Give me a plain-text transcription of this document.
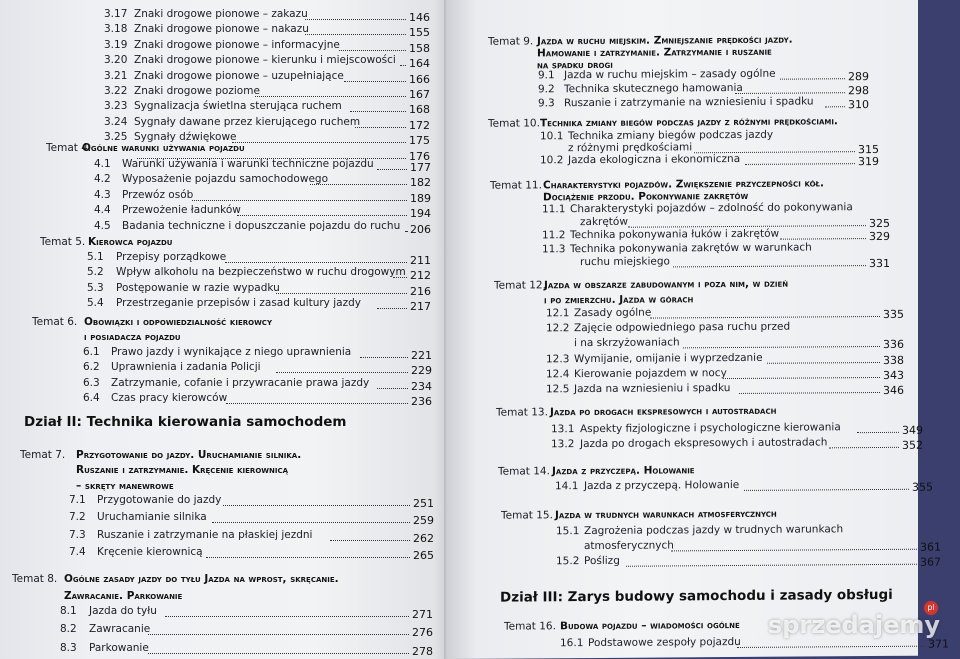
3.17 Znaki drogowe pionowe – zakazu	146
3.18 Znaki drogowe pionowe – nakazu	155
3.19 Znaki drogowe pionowe – informacyjne	158
3.20 Znaki drogowe pionowe – kierunku i miejscowości 164
3.21 Znaki drogowe pionowe – uzupełniające	166
3.22 Znaki drogowe poziome	167
3.23 Sygnalizacja świetlna sterująca ruchem	168
3.24 Sygnały dawane przez kierującego ruchem	172
3.25 Sygnały dźwiękowe	175
176
Temat 4.
Ogólne warunki używania pojazdu
4.1 Warunki używania i warunki techniczne pojazdu	177
4.2 Wyposażenie pojazdu samochodowego	182
4.3 Przewóz osób	189
4.4 Przewożenie ładunków	194
4.5 Badania techniczne i dopuszczanie pojazdu do ruchu 206
Temat 5. Kierowca pojazdu
5.1 Przepisy porządkowe	211
5.2 Wpływ alkoholu na bezpieczeństwo w ruchu drogowym 212
5.3 Postępowanie w razie wypadku	216
5.4 Przestrzeganie przepisów i zasad kultury jazdy	217
Temat 6. Obowiązki i odpowiedzialność kierowcy
i posiadacza pojazdu
6.1 Prawo jazdy i wynikające z niego uprawnienia	221
6.2 Uprawnienia i zadania Policji	229
6.3 Zatrzymanie, cofanie i przywracanie prawa jazdy	234
6.4 Czas pracy kierowców	236
Dział II: Technika kierowania samochodem
Temat 7. Przygotowanie do jazdy. Uruchamianie silnika.
Ruszanie i zatrzymanie. Kręcenie kierownicą
– skręty manewrowe
7.1 Przygotowanie do jazdy	251
7.2 Uruchamianie silnika	259
7.3 Ruszanie i zatrzymanie na płaskiej jezdni	262
7.4 Kręcenie kierownicą	265
Temat 8. Ogólne zasady jazdy do tyłu Jazda na wprost, skręcanie.
Zawracanie. Parkowanie
8.1 Jazda do tyłu	271
8.2 Zawracanie	276
8.3 Parkowanie	278
Temat 9. Jazda w ruchu miejskim. Zmniejszanie prędkości jazdy.
Hamowanie i zatrzymanie. Zatrzymanie i ruszanie
na spadku drogi
9.1 Jazda w ruchu miejskim – zasady ogólne	289
9.2 Technika skutecznego hamowania	298
9.3 Ruszanie i zatrzymanie na wzniesieniu i spadku	310
Temat 10. Technika zmiany biegów podczas jazdy z różnymi prędkościami.
10.1 Technika zmiany biegów podczas jazdy
z różnymi prędkościami	315
10.2 Jazda ekologiczna i ekonomiczna	319
Temat 11. Charakterystyki pojazdów. Zwiększenie przyczepności kół.
Dociążenie przodu. Pokonywanie zakrętów
11.1 Charakterystyki pojazdów – zdolność do pokonywania
zakrętów	325
11.2 Technika pokonywania łuków i zakrętów	329
11.3 Technika pokonywania zakrętów w warunkach
ruchu miejskiego	331
Temat 12.
Jazda w obszarze zabudowanym i poza nim, w dzień
i po zmierzchu. Jazda w górach
12.1 Zasady ogólne	335
12.2 Zajęcie odpowiedniego pasa ruchu przed
i na skrzyżowaniach	336
12.3 Wymijanie, omijanie i wyprzedzanie	338
12.4 Kierowanie pojazdem w nocy	343
12.5 Jazda na wzniesieniu i spadku	346
Temat 13. Jazda po drogach ekspresowych i autostradach
13.1 Aspekty fizjologiczne i psychologiczne kierowania	349
13.2 Jazda po drogach ekspresowych i autostradach	352
Temat 14. Jazda z przyczepą. Holowanie
14.1 Jazda z przyczepą. Holowanie	355
Temat 15. Jazda w trudnych warunkach atmosferycznych
15.1 Zagrożenia podczas jazdy w trudnych warunkach
atmosferycznych	361
15.2 Poślizg	367
Dział III: Zarys budowy samochodu i zasady obsługi
Temat 16. Budowa pojazdu – wiadomości ogólne
16.1 Podstawowe zespoły pojazdu	371
pl
sprzedajemy
